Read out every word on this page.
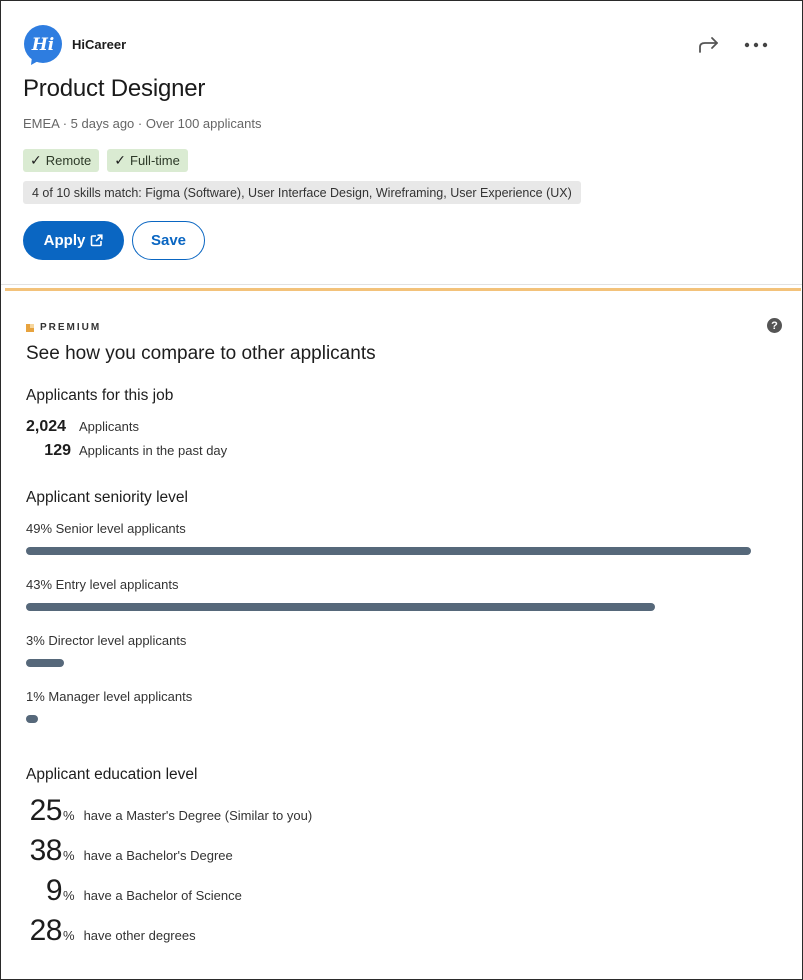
Hi HiCareer
Product Designer
EMEA · 5 days ago · Over 100 applicants
✓ Remote ✓ Full-time
4 of 10 skills match: Figma (Software), User Interface Design, Wireframing, User Experience (UX)
Apply	Save
PREMIUM	?
See how you compare to other applicants
Applicants for this job
2,024 Applicants
129 Applicants in the past day
Applicant seniority level
49% Senior level applicants
43% Entry level applicants
3% Director level applicants
1% Manager level applicants
Applicant education level
25 % have a Master's Degree (Similar to you)
38 % have a Bachelor's Degree
9 % have a Bachelor of Science
28 % have other degrees
